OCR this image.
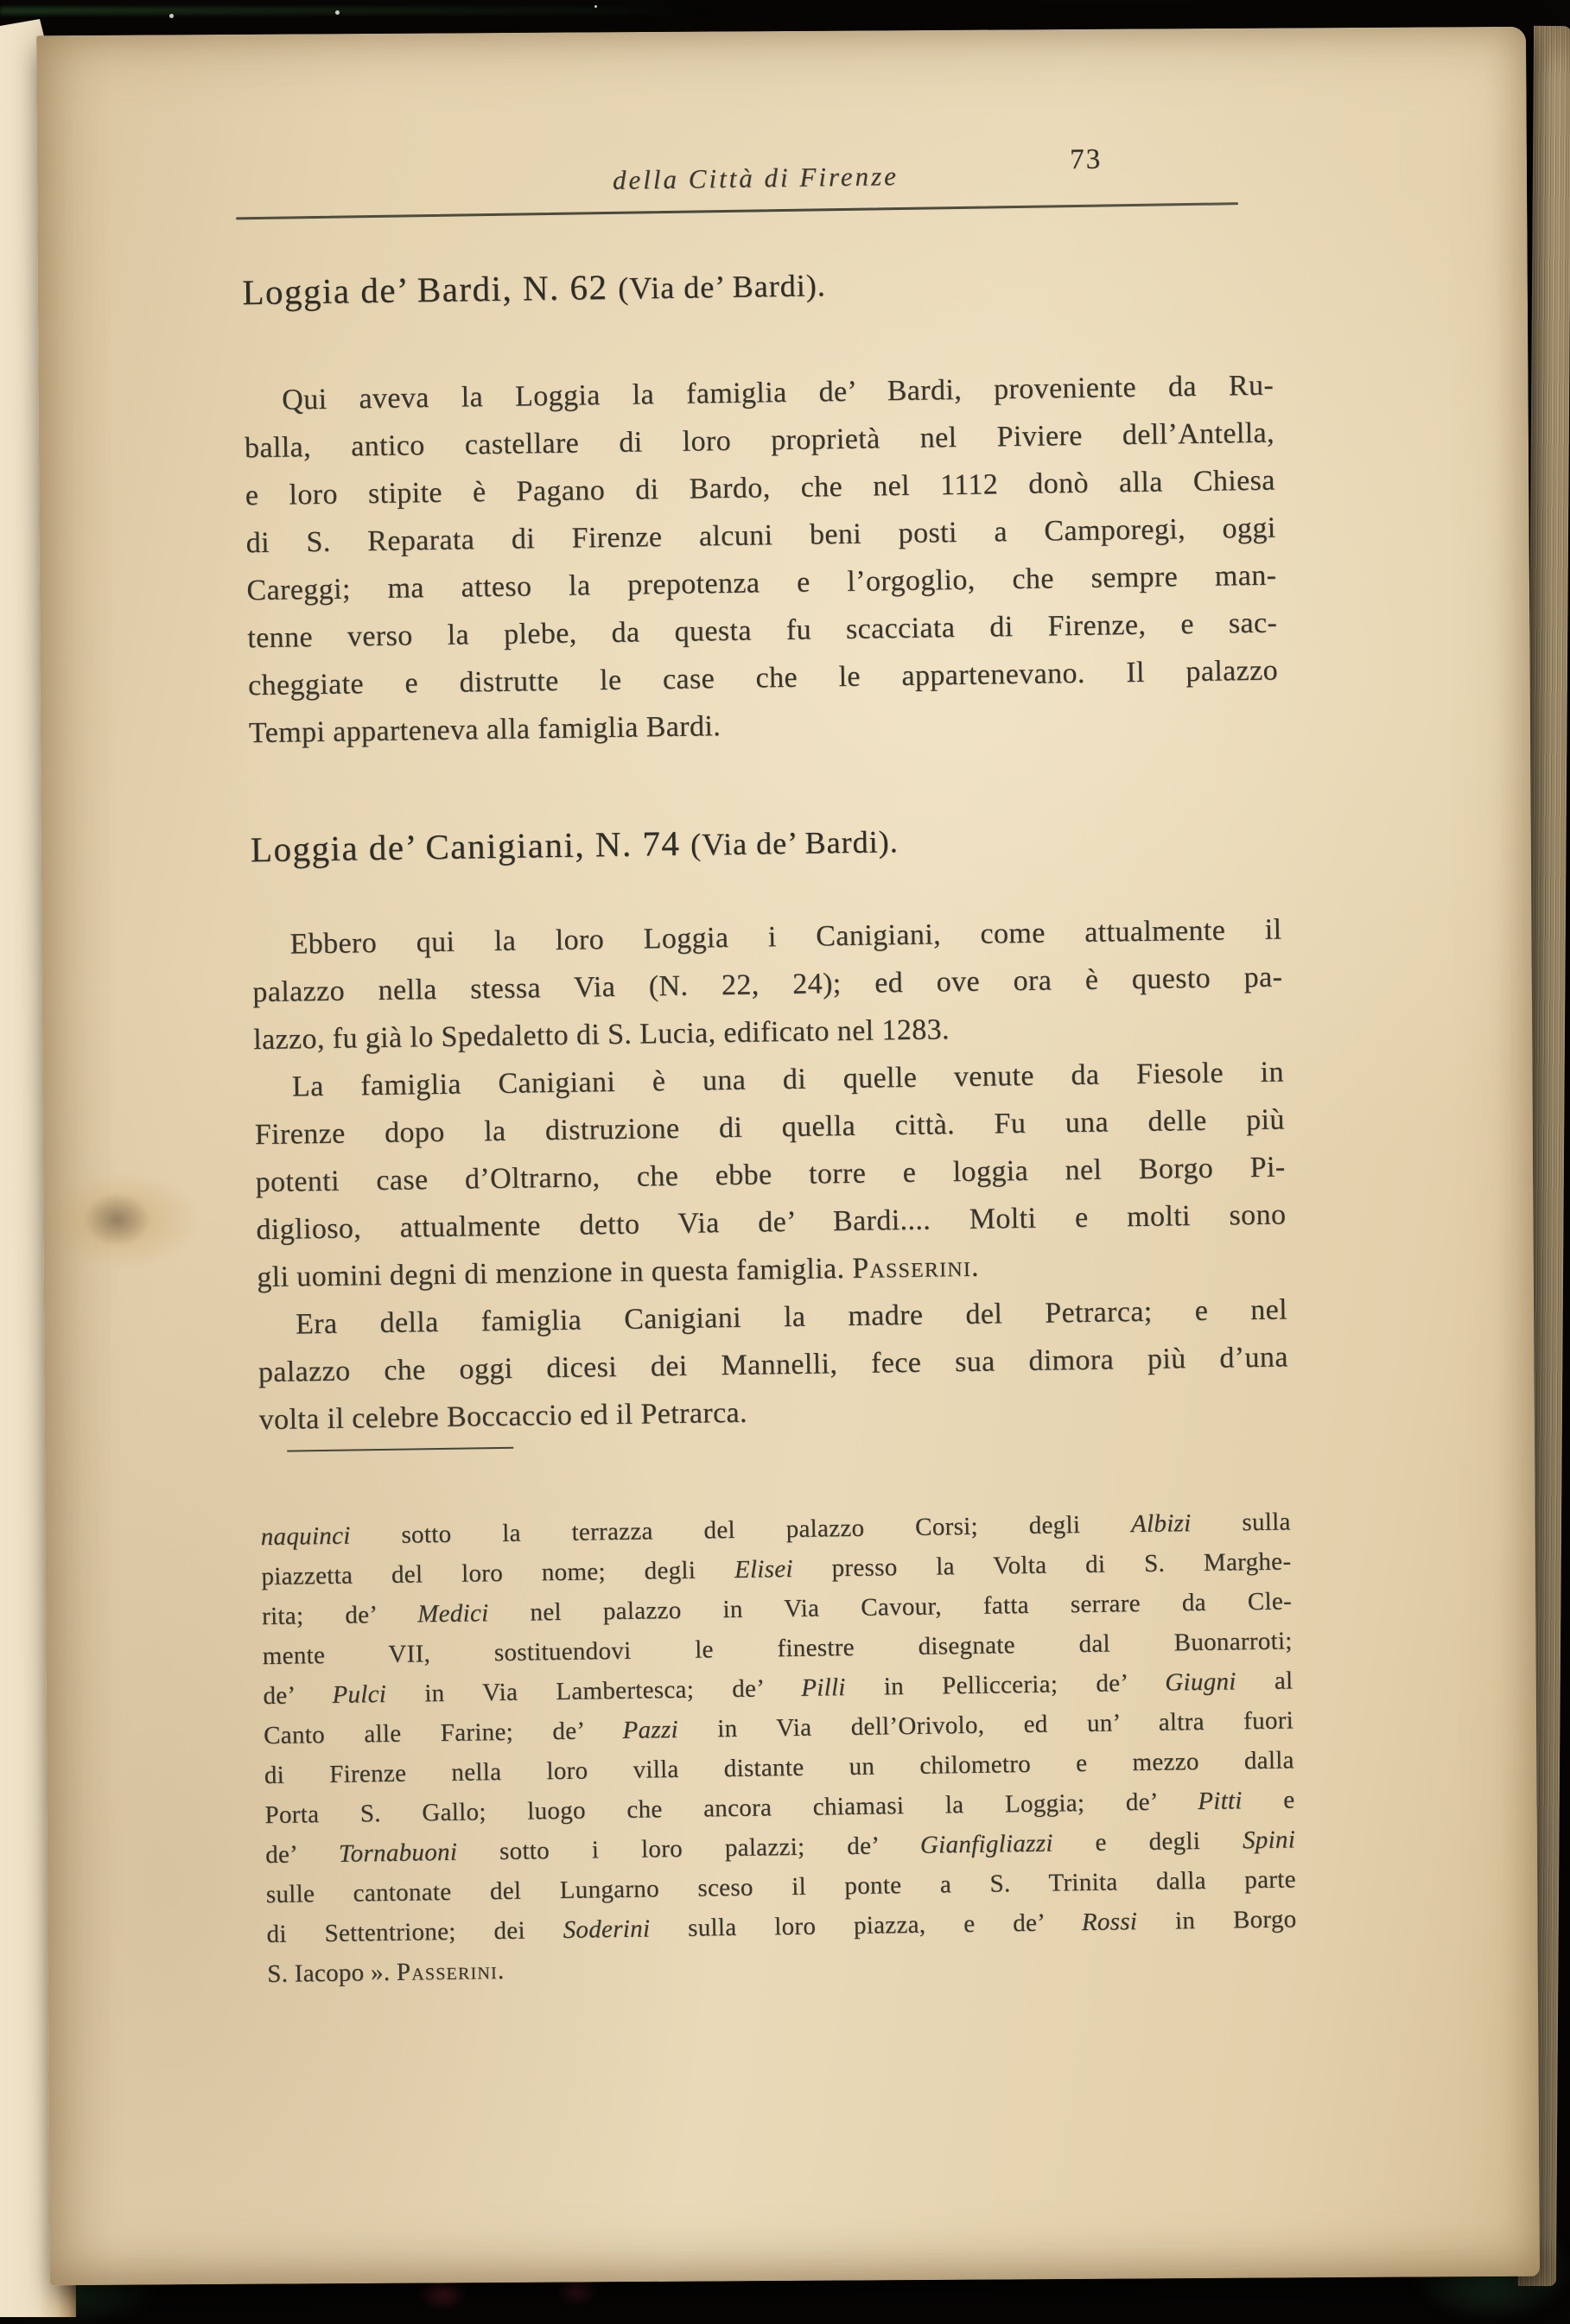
della Città di Firenze
73
Loggia de’ Bardi, N. 62 (Via de’ Bardi).
Qui aveva la Loggia la famiglia de’ Bardi, proveniente da Ru-
balla, antico castellare di loro proprietà nel Piviere dell’Antella,
e loro stipite è Pagano di Bardo, che nel 1112 donò alla Chiesa
di S. Reparata di Firenze alcuni beni posti a Camporegi, oggi
Careggi; ma atteso la prepotenza e l’orgoglio, che sempre man-
tenne verso la plebe, da questa fu scacciata di Firenze, e sac-
cheggiate e distrutte le case che le appartenevano. Il palazzo
Tempi apparteneva alla famiglia Bardi.
Loggia de’ Canigiani, N. 74 (Via de’ Bardi).
Ebbero qui la loro Loggia i Canigiani, come attualmente il
palazzo nella stessa Via (N. 22, 24); ed ove ora è questo pa-
lazzo, fu già lo Spedaletto di S. Lucia, edificato nel 1283.
La famiglia Canigiani è una di quelle venute da Fiesole in
Firenze dopo la distruzione di quella città. Fu una delle più
potenti case d’Oltrarno, che ebbe torre e loggia nel Borgo Pi-
diglioso, attualmente detto Via de’ Bardi.... Molti e molti sono
gli uomini degni di menzione in questa famiglia. Passerini.
Era della famiglia Canigiani la madre del Petrarca; e nel
palazzo che oggi dicesi dei Mannelli, fece sua dimora più d’una
volta il celebre Boccaccio ed il Petrarca.
naquinci sotto la terrazza del palazzo Corsi; degli Albizi sulla
piazzetta del loro nome; degli Elisei presso la Volta di S. Marghe-
rita; de’ Medici nel palazzo in Via Cavour, fatta serrare da Cle-
mente VII, sostituendovi le finestre disegnate dal Buonarroti;
de’ Pulci in Via Lambertesca; de’ Pilli in Pellicceria; de’ Giugni al
Canto alle Farine; de’ Pazzi in Via dell’Orivolo, ed un’ altra fuori
di Firenze nella loro villa distante un chilometro e mezzo dalla
Porta S. Gallo; luogo che ancora chiamasi la Loggia; de’ Pitti e
de’ Tornabuoni sotto i loro palazzi; de’ Gianfigliazzi e degli Spini
sulle cantonate del Lungarno sceso il ponte a S. Trinita dalla parte
di Settentrione; dei Soderini sulla loro piazza, e de’ Rossi in Borgo
S. Iacopo ». Passerini.
